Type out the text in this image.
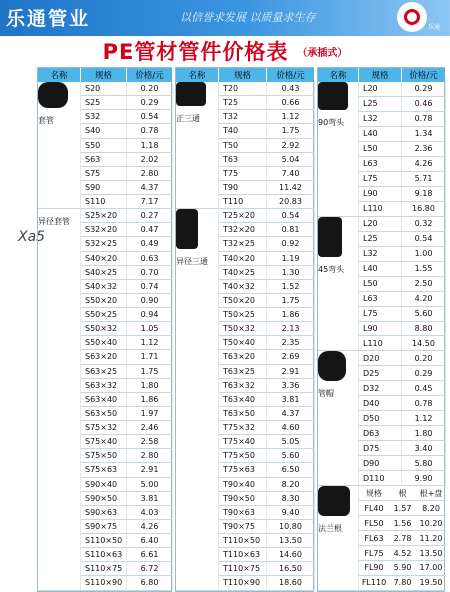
乐通管业	以信誉求发展 以质量求生存
乐通
PE管材管件价格表 （承插式）
Xa5
名称	规格	价格/元
套管
S20	0.20
S25	0.29
S32	0.54
S40	0.78
S50	1.18
S63	2.02
S75	2.80
S90	4.37
S110	7.17
异径套管
S25×20	0.27
S32×20	0.47
S32×25	0.49
S40×20	0.63
S40×25	0.70
S40×32	0.74
S50×20	0.90
S50×25	0.94
S50×32	1.05
S50×40	1.12
S63×20	1.71
S63×25	1.75
S63×32	1.80
S63×40	1.86
S63×50	1.97
S75×32	2.46
S75×40	2.58
S75×50	2.80
S75×63	2.91
S90×40	5.00
S90×50	3.81
S90×63	4.03
S90×75	4.26
S110×50	6.40
S110×63	6.61
S110×75	6.72
S110×90	6.80
名称	规格	价格/元
正三通
T20	0.43
T25	0.66
T32	1.12
T40	1.75
T50	2.92
T63	5.04
T75	7.40
T90	11.42
T110	20.83
异径三通
T25×20	0.54
T32×20	0.81
T32×25	0.92
T40×20	1.19
T40×25	1.30
T40×32	1.52
T50×20	1.75
T50×25	1.86
T50×32	2.13
T50×40	2.35
T63×20	2.69
T63×25	2.91
T63×32	3.36
T63×40	3.81
T63×50	4.37
T75×32	4.60
T75×40	5.05
T75×50	5.60
T75×63	6.50
T90×40	8.20
T90×50	8.30
T90×63	9.40
T90×75	10.80
T110×50	13.50
T110×63	14.60
T110×75	16.50
T110×90	18.60
名称	规格	价格/元
90弯头
L20	0.29
L25	0.46
L32	0.78
L40	1.34
L50	2.36
L63	4.26
L75	5.71
L90	9.18
L110	16.80
45弯头
L20	0.32
L25	0.54
L32	1.00
L40	1.55
L50	2.50
L63	4.20
L75	5.60
L90	8.80
L110	14.50
管帽
D20	0.20
D25	0.29
D32	0.45
D40	0.78
D50	1.12
D63	1.80
D75	3.40
D90	5.80
D110	9.90
法兰根
规格	根	根+盘
FL40	1.57	8.20
FL50	1.56	10.20
FL63	2.78	11.20
FL75	4.52	13.50
FL90	5.90	17.00
FL110 7.80	19.50
